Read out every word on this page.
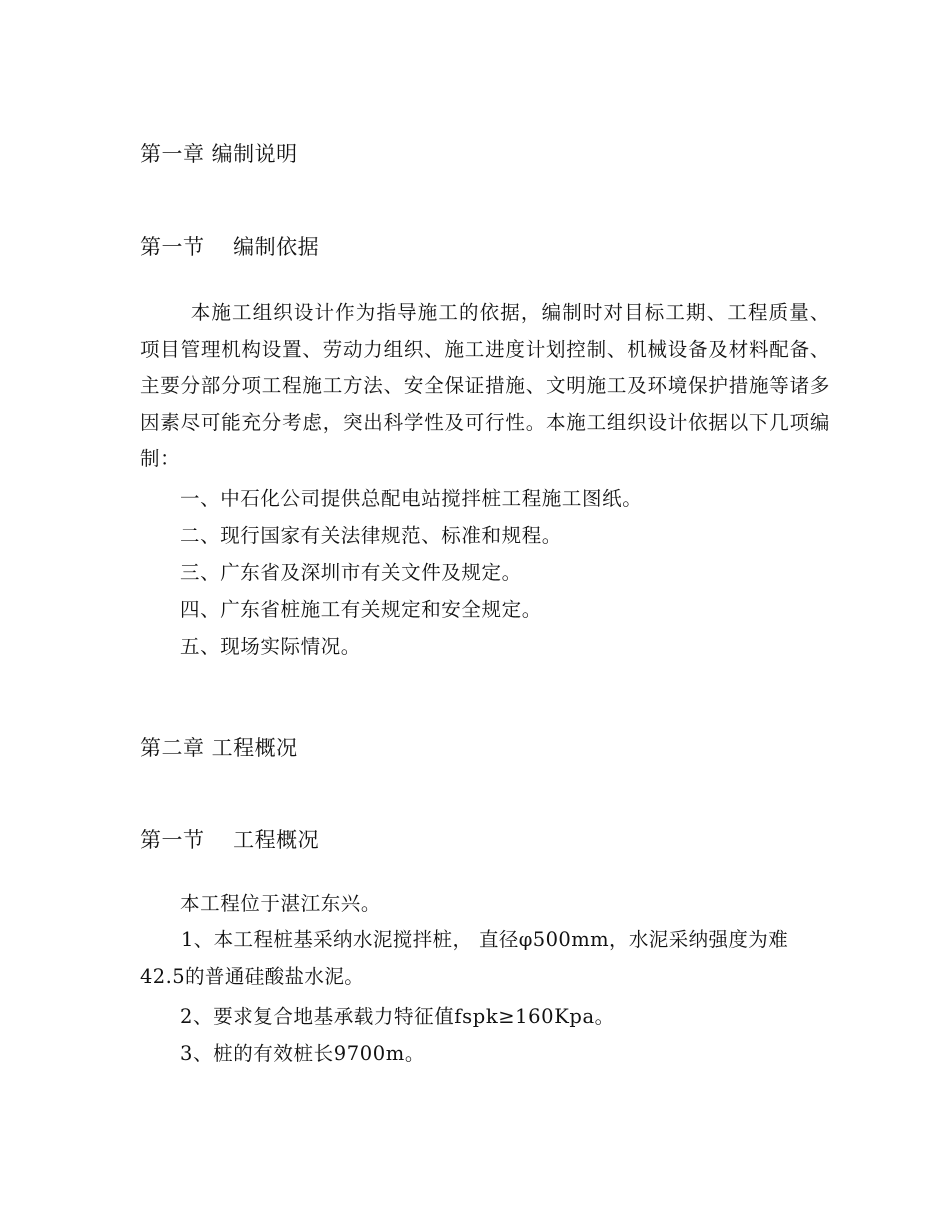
第一章 编制说明
第一节　 编制依据
本施工组织设计作为指导施工的依据，编制时对目标工期、工程质量、项目管理机构设置、劳动力组织、施工进度计划控制、机械设备及材料配备、主要分部分项工程施工方法、安全保证措施、文明施工及环境保护措施等诸多因素尽可能充分考虑，突出科学性及可行性。本施工组织设计依据以下几项编制：
一、中石化公司提供总配电站搅拌桩工程施工图纸。
二、现行国家有关法律规范、标准和规程。
三、广东省及深圳市有关文件及规定。
四、广东省桩施工有关规定和安全规定。
五、现场实际情况。
第二章 工程概况
第一节　 工程概况
本工程位于湛江东兴。
1、本工程桩基采纳水泥搅拌桩， 直径φ500mm，水泥采纳强度为难42.5的普通硅酸盐水泥。
2、要求复合地基承载力特征值fspk≥160Kpa。
3、桩的有效桩长9700m。
